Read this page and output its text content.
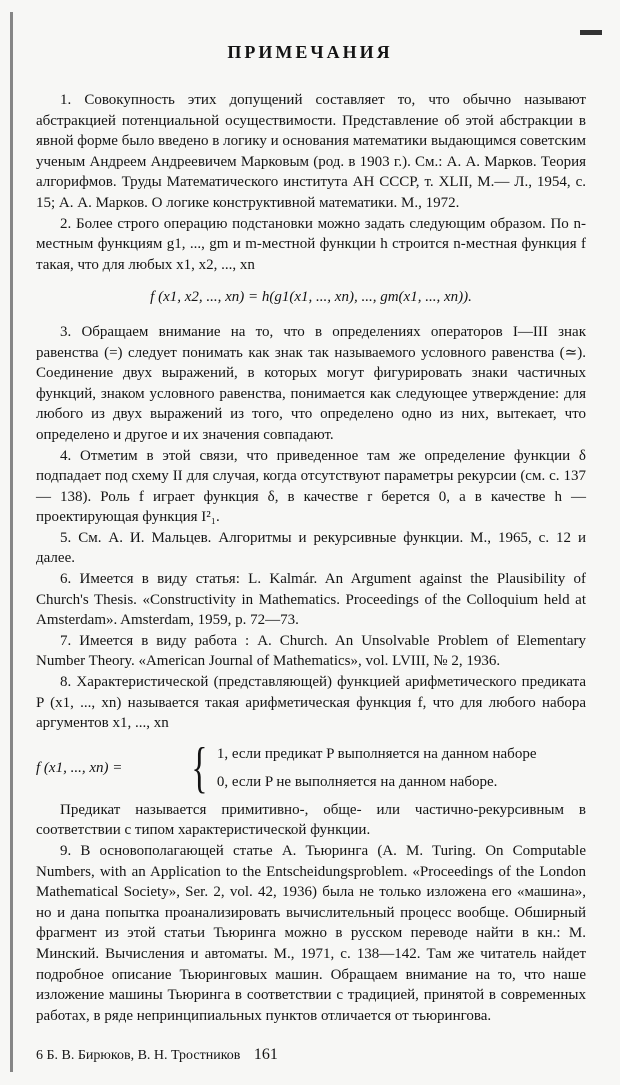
ПРИМЕЧАНИЯ

1. Совокупность этих допущений составляет то, что обычно называют абстракцией потенциальной осуществимости. Представление об этой абстракции в явной форме было введено в логику и основания математики выдающимся советским ученым Андреем Андреевичем Марковым (род. в 1903 г.). См.: А. А. Марков. Теория алгорифмов. Труды Математического института АН СССР, т. XLII, М.— Л., 1954, с. 15; А. А. Марков. О логике конструктивной математики. М., 1972.

2. Более строго операцию подстановки можно задать следующим образом. По n-местным функциям g1, ..., gm и m-местной функции h строится n-местная функция f такая, что для любых x1, x2, ..., xn

f (x1, x2, ..., xn) = h(g1(x1, ..., xn), ..., gm(x1, ..., xn)).

3. Обращаем внимание на то, что в определениях операторов I—III знак равенства (=) следует понимать как знак так называемого условного равенства (≃). Соединение двух выражений, в которых могут фигурировать знаки частичных функций, знаком условного равенства, понимается как следующее утверждение: для любого из двух выражений из того, что определено одно из них, вытекает, что определено и другое и их значения совпадают.

4. Отметим в этой связи, что приведенное там же определение функции δ подпадает под схему II для случая, когда отсутствуют параметры рекурсии (см. с. 137 — 138). Роль f играет функция δ, в качестве r берется 0, а в качестве h — проектирующая функция I²₁.

5. См. А. И. Мальцев. Алгоритмы и рекурсивные функции. М., 1965, с. 12 и далее.

6. Имеется в виду статья: L. Kalmár. An Argument against the Plausibility of Church's Thesis. «Constructivity in Mathematics. Proceedings of the Colloquium held at Amsterdam». Amsterdam, 1959, p. 72—73.

7. Имеется в виду работа : A. Church. An Unsolvable Problem of Elementary Number Theory. «American Journal of Mathematics», vol. LVIII, № 2, 1936.

8. Характеристической (представляющей) функцией арифметического предиката P (x1, ..., xn) называется такая арифметическая функция f, что для любого набора аргументов x1, ..., xn

f (x1, ..., xn) =	{ 1, если предикат P выполняется на данном наборе
0, если P не выполняется на данном наборе.

Предикат называется примитивно-, обще- или частично-рекурсивным в соответствии с типом характеристической функции.

9. В основополагающей статье А. Тьюринга (A. M. Turing. On Computable Numbers, with an Application to the Entscheidungsproblem. «Proceedings of the London Mathematical Society», Ser. 2, vol. 42, 1936) была не только изложена его «машина», но и дана попытка проанализировать вычислительный процесс вообще. Обширный фрагмент из этой статьи Тьюринга можно в русском переводе найти в кн.: М. Минский. Вычисления и автоматы. М., 1971, с. 138—142. Там же читатель найдет подробное описание Тьюринговых машин. Обращаем внимание на то, что наше изложение машины Тьюринга в соответствии с традицией, принятой в современных работах, в ряде непринципиальных пунктов отличается от тьюрингова.

6 Б. В. Бирюков, В. Н. Тростников 161
